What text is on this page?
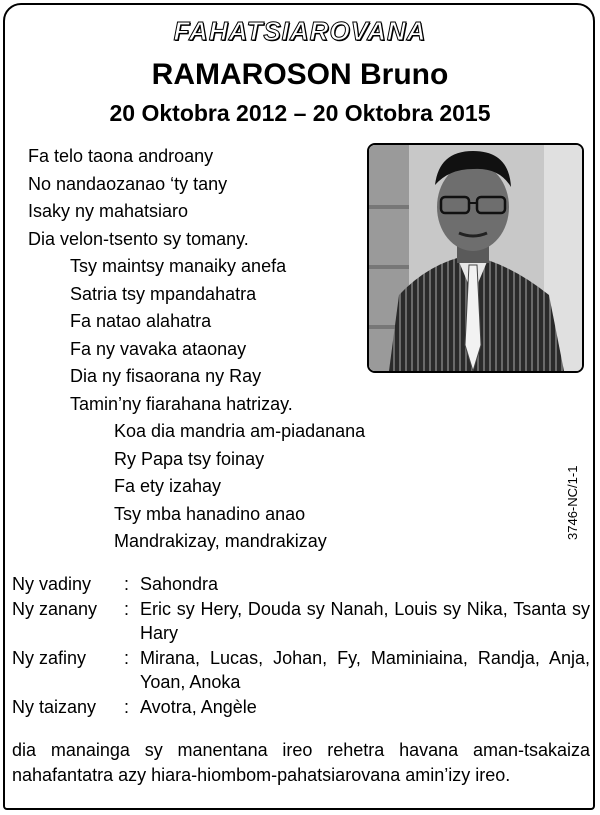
FAHATSIAROVANA
RAMAROSON Bruno
20 Oktobra 2012 – 20 Oktobra 2015
Fa telo taona androany
No nandaozanao ‘ty tany
Isaky ny mahatsiaro
Dia velon-tsento sy tomany.
Tsy maintsy manaiky anefa
Satria tsy mpandahatra
Fa natao alahatra
Fa ny vavaka ataonay
Dia ny fisaorana ny Ray
Tamin’ny fiarahana hatrizay.
Koa dia mandria am-piadanana
Ry Papa tsy foinay
Fa ety izahay
Tsy mba hanadino anao
Mandrakizay, mandrakizay
3746-NC/1-1
Ny vadiny	: Sahondra
Ny zanany	: Eric sy Hery, Douda sy Nanah, Louis sy Nika, Tsanta sy Hary
Ny zafiny	: Mirana, Lucas, Johan, Fy, Maminiaina, Randja, Anja, Yoan, Anoka
Ny taizany	: Avotra, Angèle
dia manainga sy manentana ireo rehetra havana aman-tsakaiza nahafantatra azy hiara-hiombom-pahatsiarovana amin’izy ireo.
